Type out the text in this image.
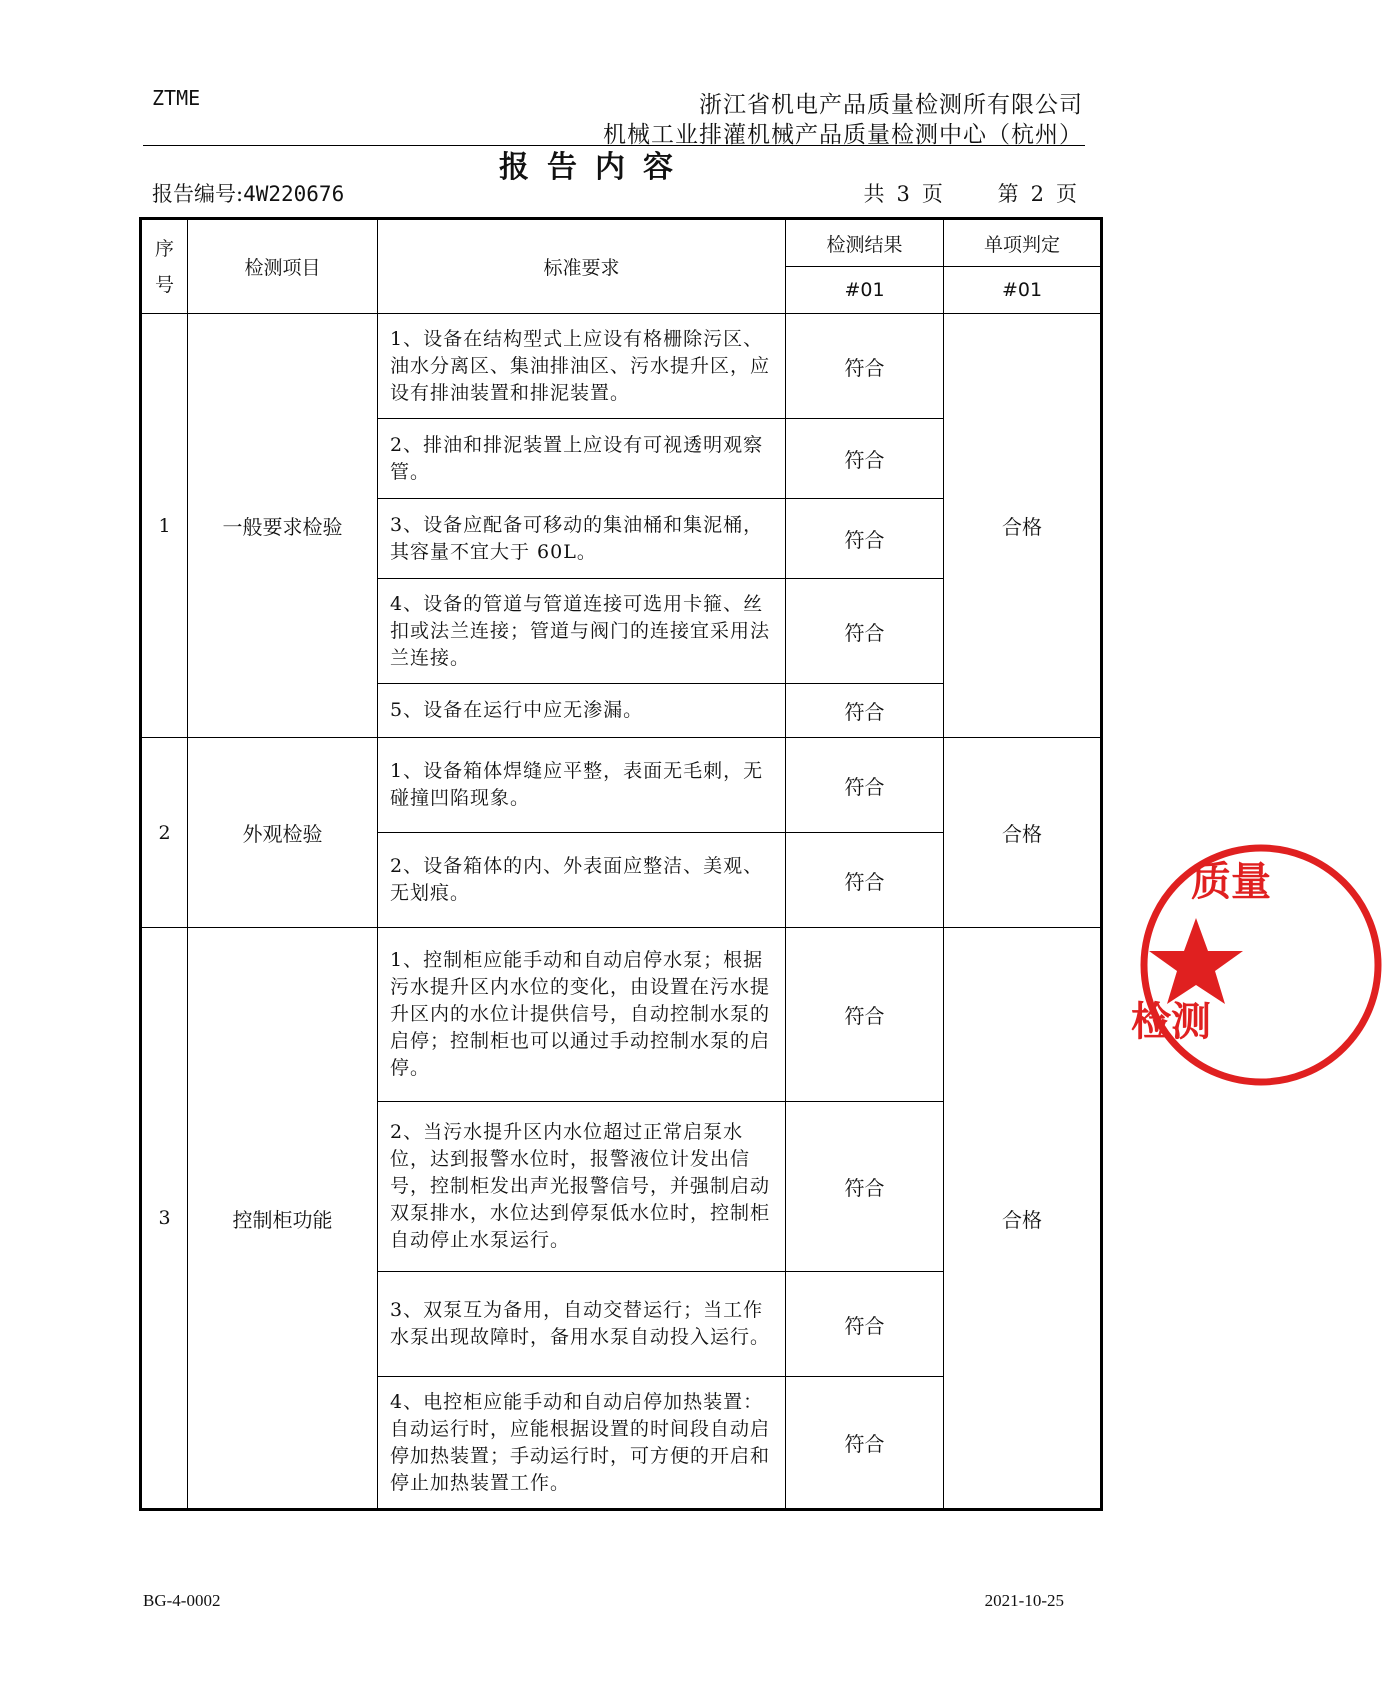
ZTME	浙江省机电产品质量检测所有限公司
机械工业排灌机械产品质量检测中心（杭州）
报告内容
报告编号:4W220676	共 3 页	第 2 页
序
号	检测项目	标准要求	检测结果	单项判定
			#01	#01
1	一般要求检验	1、设备在结构型式上应设有格栅除污区、油水分离区、集油排油区、污水提升区，应设有排油装置和排泥装置。	符合	合格
		2、排油和排泥装置上应设有可视透明观察管。	符合	
		3、设备应配备可移动的集油桶和集泥桶，其容量不宜大于 60L。	符合	
		4、设备的管道与管道连接可选用卡箍、丝扣或法兰连接；管道与阀门的连接宜采用法兰连接。	符合	
		5、设备在运行中应无渗漏。	符合	
2	外观检验	1、设备箱体焊缝应平整，表面无毛刺，无碰撞凹陷现象。	符合	合格
		2、设备箱体的内、外表面应整洁、美观、无划痕。	符合	
3	控制柜功能	1、控制柜应能手动和自动启停水泵；根据污水提升区内水位的变化，由设置在污水提升区内的水位计提供信号，自动控制水泵的启停；控制柜也可以通过手动控制水泵的启停。	符合	合格
		2、当污水提升区内水位超过正常启泵水位，达到报警水位时，报警液位计发出信号，控制柜发出声光报警信号，并强制启动双泵排水，水位达到停泵低水位时，控制柜自动停止水泵运行。	符合	
		3、双泵互为备用，自动交替运行；当工作水泵出现故障时，备用水泵自动投入运行。	符合	
		4、电控柜应能手动和自动启停加热装置：自动运行时，应能根据设置的时间段自动启停加热装置；手动运行时，可方便的开启和停止加热装置工作。	符合	
质量
检测
BG-4-0002	2021-10-25
